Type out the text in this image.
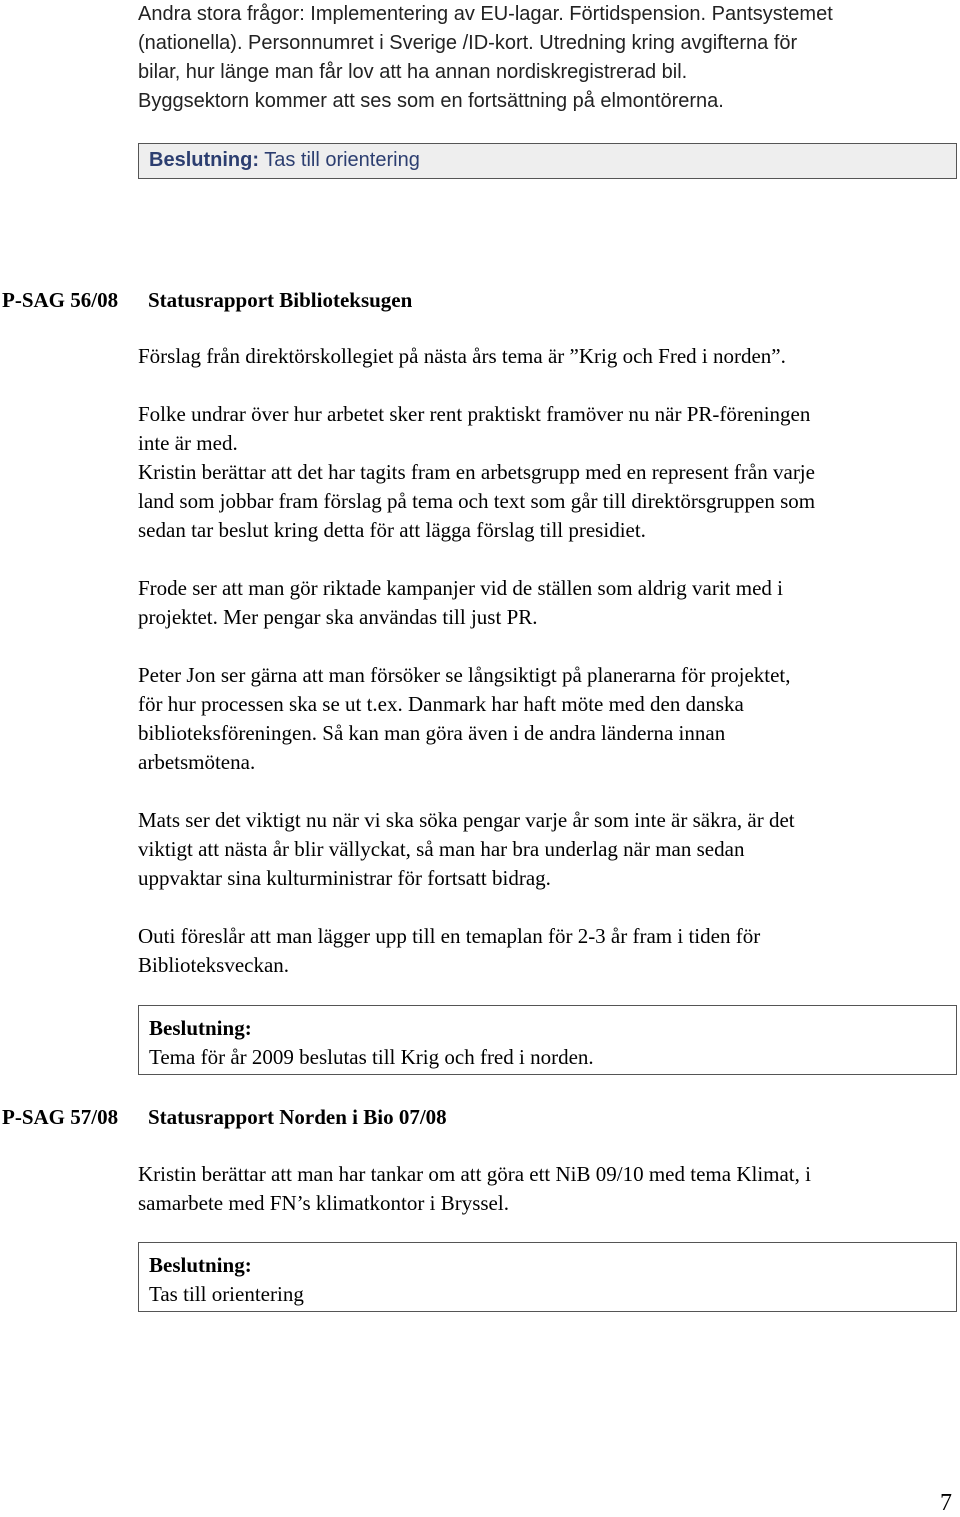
Andra stora frågor: Implementering av EU-lagar. Förtidspension. Pantsystemet
(nationella). Personnumret i Sverige /ID-kort. Utredning kring avgifterna för
bilar, hur länge man får lov att ha annan nordiskregistrerad bil.
Byggsektorn kommer att ses som en fortsättning på elmontörerna.
Beslutning: Tas till orientering
P-SAG 56/08 Statusrapport Biblioteksugen

Förslag från direktörskollegiet på nästa års tema är ”Krig och Fred i norden”.

Folke undrar över hur arbetet sker rent praktiskt framöver nu när PR-föreningen

inte är med.

Kristin berättar att det har tagits fram en arbetsgrupp med en represent från varje

land som jobbar fram förslag på tema och text som går till direktörsgruppen som

sedan tar beslut kring detta för att lägga förslag till presidiet.

Frode ser att man gör riktade kampanjer vid de ställen som aldrig varit med i

projektet. Mer pengar ska användas till just PR.

Peter Jon ser gärna att man försöker se långsiktigt på planerarna för projektet,

för hur processen ska se ut t.ex. Danmark har haft möte med den danska

biblioteksföreningen. Så kan man göra även i de andra länderna innan

arbetsmötena.

Mats ser det viktigt nu när vi ska söka pengar varje år som inte är säkra, är det

viktigt att nästa år blir vällyckat, så man har bra underlag när man sedan

uppvaktar sina kulturministrar för fortsatt bidrag.

Outi föreslår att man lägger upp till en temaplan för 2-3 år fram i tiden för

Biblioteksveckan.

Beslutning:
Tema för år 2009 beslutas till Krig och fred i norden.
P-SAG 57/08 Statusrapport Norden i Bio 07/08

Kristin berättar att man har tankar om att göra ett NiB 09/10 med tema Klimat, i

samarbete med FN’s klimatkontor i Bryssel.

Beslutning:
Tas till orientering
7
